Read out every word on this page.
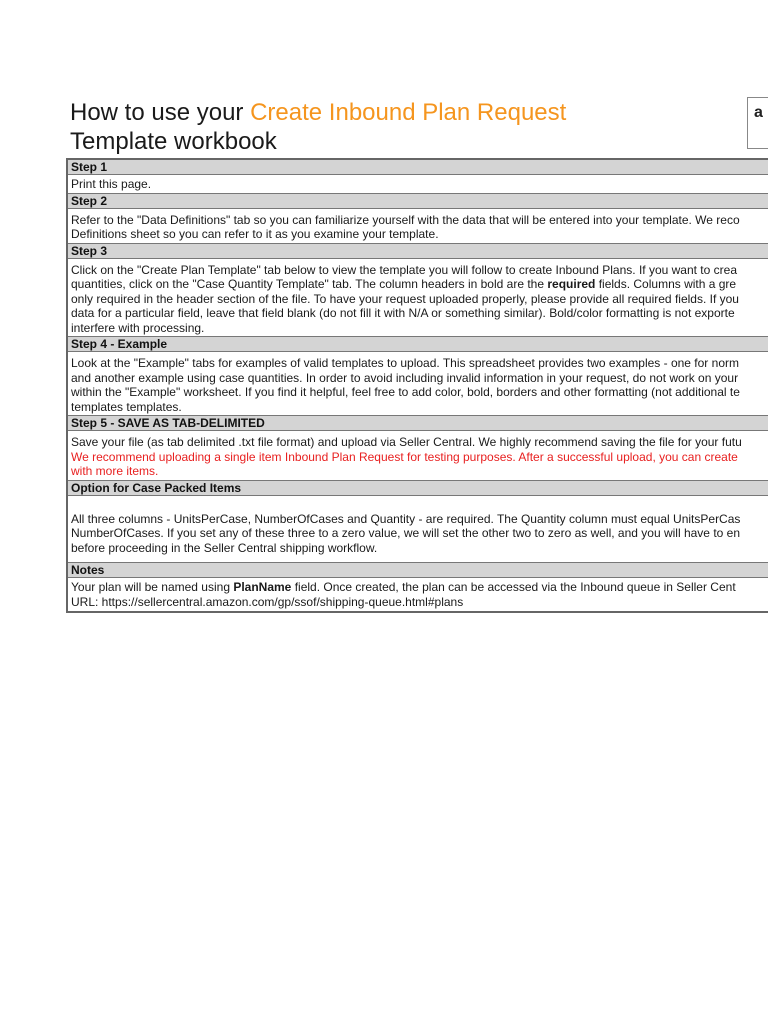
How to use your Create Inbound Plan Request
Template workbook
a
Step 1
Print this page.
Step 2
Refer to the "Data Definitions" tab so you can familiarize yourself with the data that will be entered into your template. We reco
Definitions sheet so you can refer to it as you examine your template.
Step 3
Click on the "Create Plan Template" tab below to view the template you will follow to create Inbound Plans. If you want to crea
quantities, click on the "Case Quantity Template" tab. The column headers in bold are the required fields. Columns with a gre
only required in the header section of the file. To have your request uploaded properly, please provide all required fields. If you
data for a particular field, leave that field blank (do not fill it with N/A or something similar). Bold/color formatting is not exporte
interfere with processing.
Step 4 - Example
Look at the "Example" tabs for examples of valid templates to upload. This spreadsheet provides two examples - one for norm
and another example using case quantities. In order to avoid including invalid information in your request, do not work on your
within the "Example" worksheet. If you find it helpful, feel free to add color, bold, borders and other formatting (not additional te
templates templates.
Step 5 - SAVE AS TAB-DELIMITED
Save your file (as tab delimited .txt file format) and upload via Seller Central. We highly recommend saving the file for your futu
We recommend uploading a single item Inbound Plan Request for testing purposes. After a successful upload, you can create
with more items.
Option for Case Packed Items
All three columns - UnitsPerCase, NumberOfCases and Quantity - are required. The Quantity column must equal UnitsPerCas
NumberOfCases. If you set any of these three to a zero value, we will set the other two to zero as well, and you will have to en
before proceeding in the Seller Central shipping workflow.
Notes
Your plan will be named using PlanName field. Once created, the plan can be accessed via the Inbound queue in Seller Cent
URL: https://sellercentral.amazon.com/gp/ssof/shipping-queue.html#plans
